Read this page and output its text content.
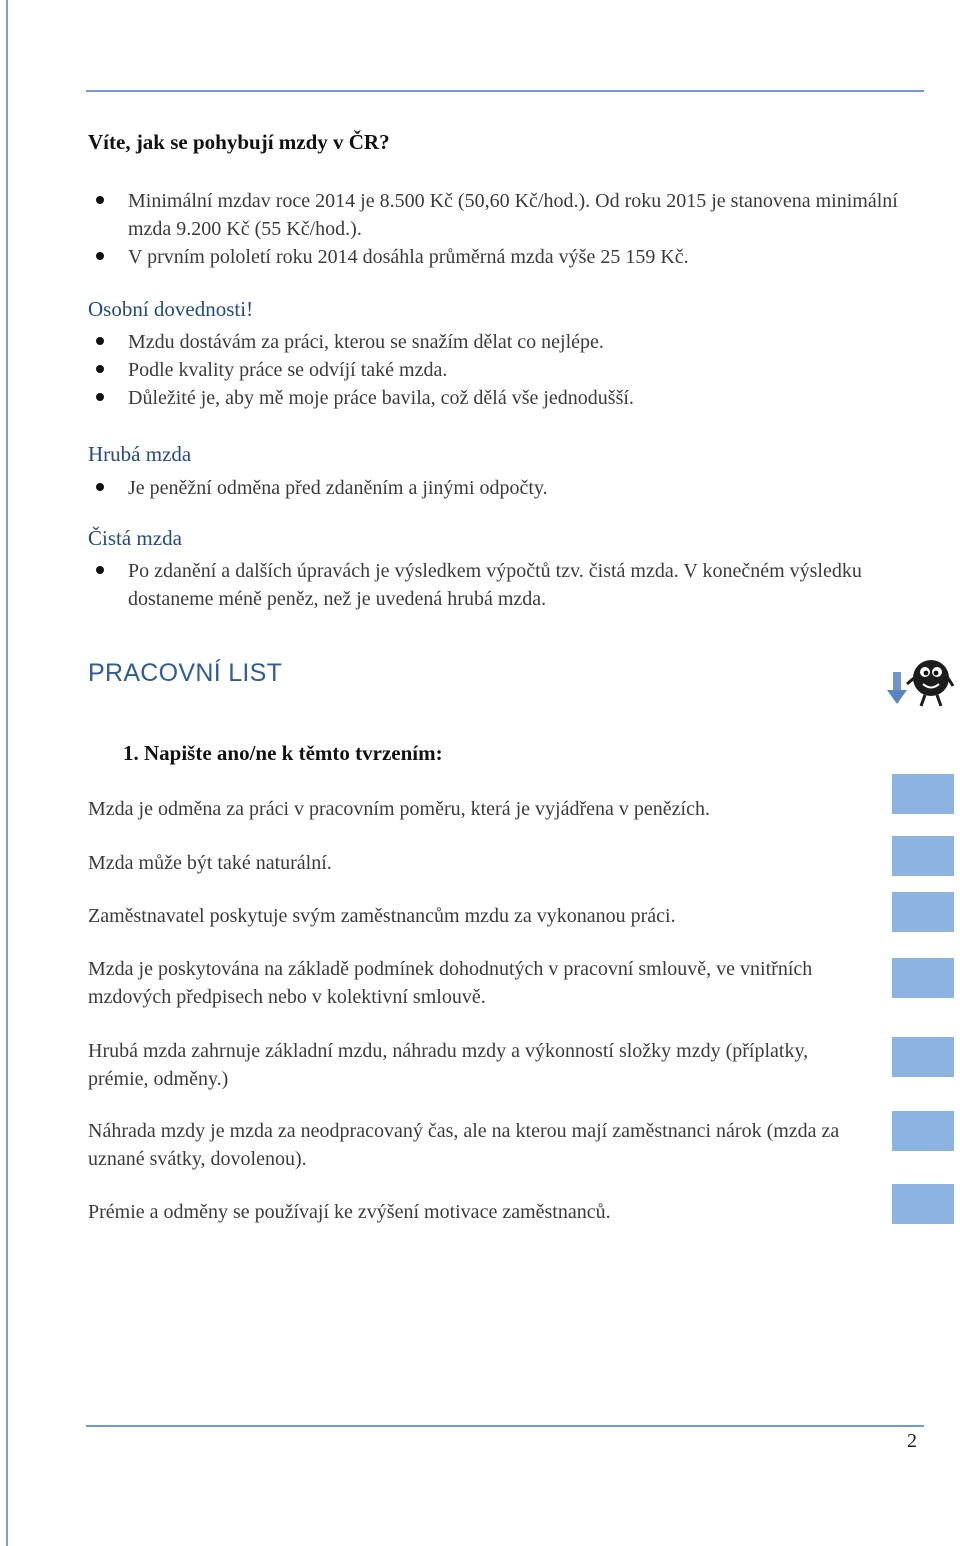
Víte, jak se pohybují mzdy v ČR?
Minimální mzdav roce 2014 je 8.500 Kč (50,60 Kč/hod.). Od roku 2015 je stanovena minimální mzda 9.200 Kč (55 Kč/hod.).
V prvním pololetí roku 2014 dosáhla průměrná mzda výše 25 159 Kč.
Osobní dovednosti!
Mzdu dostávám za práci, kterou se snažím dělat co nejlépe.
Podle kvality práce se odvíjí také mzda.
Důležité je, aby mě moje práce bavila, což dělá vše jednodušší.
Hrubá mzda
Je peněžní odměna před zdaněním a jinými odpočty.
Čistá mzda
Po zdanění a dalších úpravách je výsledkem výpočtů tzv. čistá mzda. V konečném výsledku dostaneme méně peněz, než je uvedená hrubá mzda.
PRACOVNÍ LIST
1. Napište ano/ne k těmto tvrzením:
Mzda je odměna za práci v pracovním poměru, která je vyjádřena v penězích.
Mzda může být také naturální.
Zaměstnavatel poskytuje svým zaměstnancům mzdu za vykonanou práci.
Mzda je poskytována na základě podmínek dohodnutých v pracovní smlouvě, ve vnitřních mzdových předpisech nebo v kolektivní smlouvě.
Hrubá mzda zahrnuje základní mzdu, náhradu mzdy a výkonností složky mzdy (příplatky, prémie, odměny.)
Náhrada mzdy je mzda za neodpracovaný čas, ale na kterou mají zaměstnanci nárok (mzda za uznané svátky, dovolenou).
Prémie a odměny se používají ke zvýšení motivace zaměstnanců.
2
